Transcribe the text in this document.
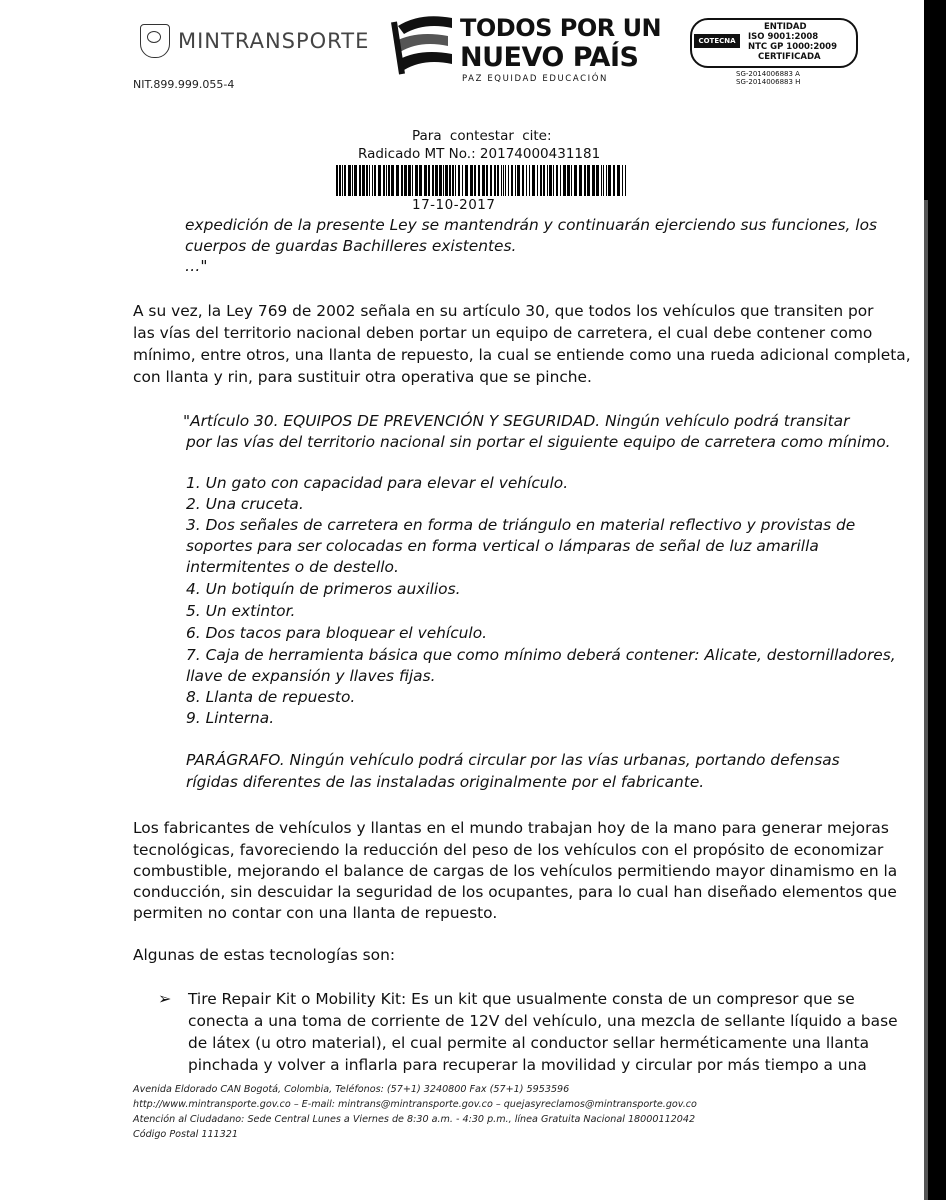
MINTRANSPORTE
NIT.899.999.055-4
TODOS POR UN
NUEVO PAÍS
PAZ EQUIDAD EDUCACIÓN
COTECNA
ENTIDAD
ISO 9001:2008
NTC GP 1000:2009
CERTIFICADA
SG-2014006883 A
SG-2014006883 H
Para contestar cite:
Radicado MT No.: 20174000431181
17-10-2017
expedición de la presente Ley se mantendrán y continuarán ejerciendo sus funciones, los
cuerpos de guardas Bachilleres existentes.
…"
A su vez, la Ley 769 de 2002 señala en su artículo 30, que todos los vehículos que transiten por
las vías del territorio nacional deben portar un equipo de carretera, el cual debe contener como
mínimo, entre otros, una llanta de repuesto, la cual se entiende como una rueda adicional completa,
con llanta y rin, para sustituir otra operativa que se pinche.
"Artículo 30. EQUIPOS DE PREVENCIÓN Y SEGURIDAD. Ningún vehículo podrá transitar
por las vías del territorio nacional sin portar el siguiente equipo de carretera como mínimo.
1. Un gato con capacidad para elevar el vehículo.
2. Una cruceta.
3. Dos señales de carretera en forma de triángulo en material reflectivo y provistas de
soportes para ser colocadas en forma vertical o lámparas de señal de luz amarilla
intermitentes o de destello.
4. Un botiquín de primeros auxilios.
5. Un extintor.
6. Dos tacos para bloquear el vehículo.
7. Caja de herramienta básica que como mínimo deberá contener: Alicate, destornilladores,
llave de expansión y llaves fijas.
8. Llanta de repuesto.
9. Linterna.
PARÁGRAFO. Ningún vehículo podrá circular por las vías urbanas, portando defensas
rígidas diferentes de las instaladas originalmente por el fabricante.
Los fabricantes de vehículos y llantas en el mundo trabajan hoy de la mano para generar mejoras
tecnológicas, favoreciendo la reducción del peso de los vehículos con el propósito de economizar
combustible, mejorando el balance de cargas de los vehículos permitiendo mayor dinamismo en la
conducción, sin descuidar la seguridad de los ocupantes, para lo cual han diseñado elementos que
permiten no contar con una llanta de repuesto.
Algunas de estas tecnologías son:
➢ Tire Repair Kit o Mobility Kit: Es un kit que usualmente consta de un compresor que se
conecta a una toma de corriente de 12V del vehículo, una mezcla de sellante líquido a base
de látex (u otro material), el cual permite al conductor sellar herméticamente una llanta
pinchada y volver a inflarla para recuperar la movilidad y circular por más tiempo a una
Avenida Eldorado CAN Bogotá, Colombia, Teléfonos: (57+1) 3240800 Fax (57+1) 5953596
http://www.mintransporte.gov.co – E-mail: mintrans@mintransporte.gov.co – quejasyreclamos@mintransporte.gov.co
Atención al Ciudadano: Sede Central Lunes a Viernes de 8:30 a.m. - 4:30 p.m., línea Gratuita Nacional 18000112042
Código Postal 111321
